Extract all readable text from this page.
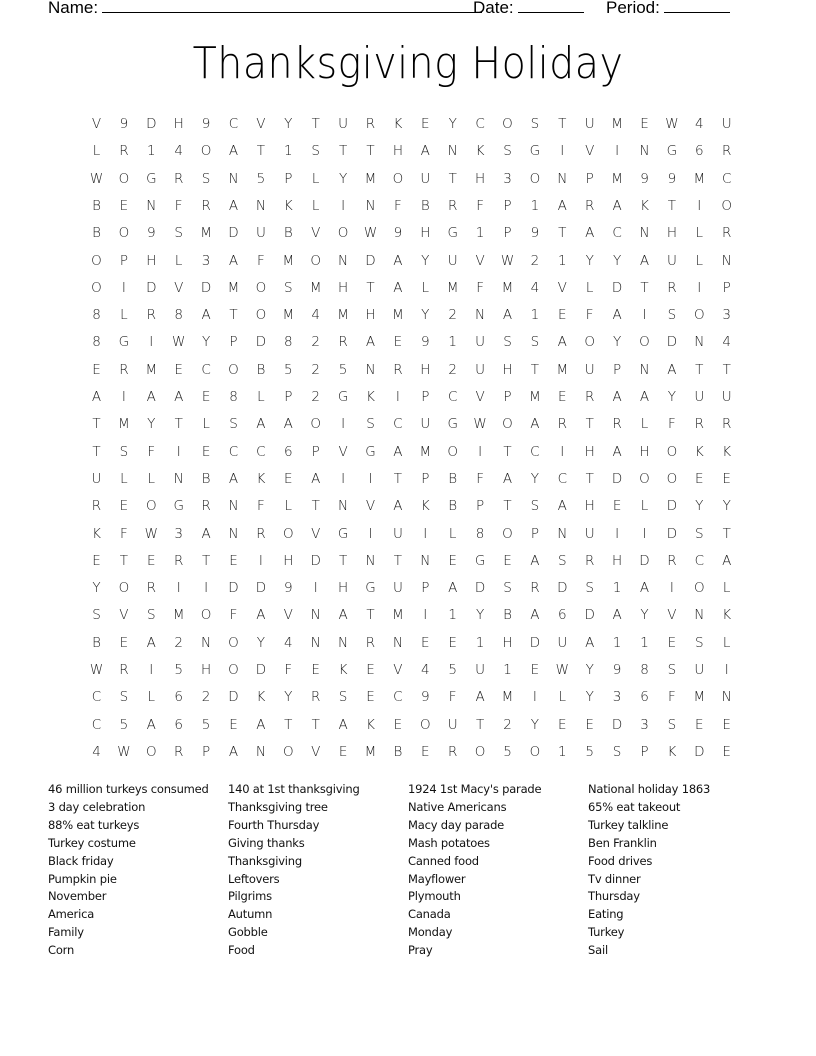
Name:	Date:	Period:
Thanksgiving Holiday
V	9	D	H	9	C	V	Y	T	U	R	K	E	Y	C	O	S	T	U	M	E	W	4	U
L	R	1	4	O	A	T	1	S	T	T	H	A	N	K	S	G	I	V	I	N	G	6	R
W	O	G	R	S	N	5	P	L	Y	M	O	U	T	H	3	O	N	P	M	9	9	M	C
B	E	N	F	R	A	N	K	L	I	N	F	B	R	F	P	1	A	R	A	K	T	I	O
B	O	9	S	M	D	U	B	V	O	W	9	H	G	1	P	9	T	A	C	N	H	L	R
O	P	H	L	3	A	F	M	O	N	D	A	Y	U	V	W	2	1	Y	Y	A	U	L	N
O	I	D	V	D	M	O	S	M	H	T	A	L	M	F	M	4	V	L	D	T	R	I	P
8	L	R	8	A	T	O	M	4	M	H	M	Y	2	N	A	1	E	F	A	I	S	O	3
8	G	I	W	Y	P	D	8	2	R	A	E	9	1	U	S	S	A	O	Y	O	D	N	4
E	R	M	E	C	O	B	5	2	5	N	R	H	2	U	H	T	M	U	P	N	A	T	T
A	I	A	A	E	8	L	P	2	G	K	I	P	C	V	P	M	E	R	A	A	Y	U	U
T	M	Y	T	L	S	A	A	O	I	S	C	U	G	W	O	A	R	T	R	L	F	R	R
T	S	F	I	E	C	C	6	P	V	G	A	M	O	I	T	C	I	H	A	H	O	K	K
U	L	L	N	B	A	K	E	A	I	I	T	P	B	F	A	Y	C	T	D	O	O	E	E
R	E	O	G	R	N	F	L	T	N	V	A	K	B	P	T	S	A	H	E	L	D	Y	Y
K	F	W	3	A	N	R	O	V	G	I	U	I	L	8	O	P	N	U	I	I	D	S	T
E	T	E	R	T	E	I	H	D	T	N	T	N	E	G	E	A	S	R	H	D	R	C	A
Y	O	R	I	I	D	D	9	I	H	G	U	P	A	D	S	R	D	S	1	A	I	O	L
S	V	S	M	O	F	A	V	N	A	T	M	I	1	Y	B	A	6	D	A	Y	V	N	K
B	E	A	2	N	O	Y	4	N	N	R	N	E	E	1	H	D	U	A	1	1	E	S	L
W	R	I	5	H	O	D	F	E	K	E	V	4	5	U	1	E	W	Y	9	8	S	U	I
C	S	L	6	2	D	K	Y	R	S	E	C	9	F	A	M	I	L	Y	3	6	F	M	N
C	5	A	6	5	E	A	T	T	A	K	E	O	U	T	2	Y	E	E	D	3	S	E	E
4	W	O	R	P	A	N	O	V	E	M	B	E	R	O	5	O	1	5	S	P	K	D	E
46 million turkeys consumed
3 day celebration
88% eat turkeys
Turkey costume
Black friday
Pumpkin pie
November
America
Family
Corn
140 at 1st thanksgiving
Thanksgiving tree
Fourth Thursday
Giving thanks
Thanksgiving
Leftovers
Pilgrims
Autumn
Gobble
Food
1924 1st Macy's parade
Native Americans
Macy day parade
Mash potatoes
Canned food
Mayflower
Plymouth
Canada
Monday
Pray
National holiday 1863
65% eat takeout
Turkey talkline
Ben Franklin
Food drives
Tv dinner
Thursday
Eating
Turkey
Sail
